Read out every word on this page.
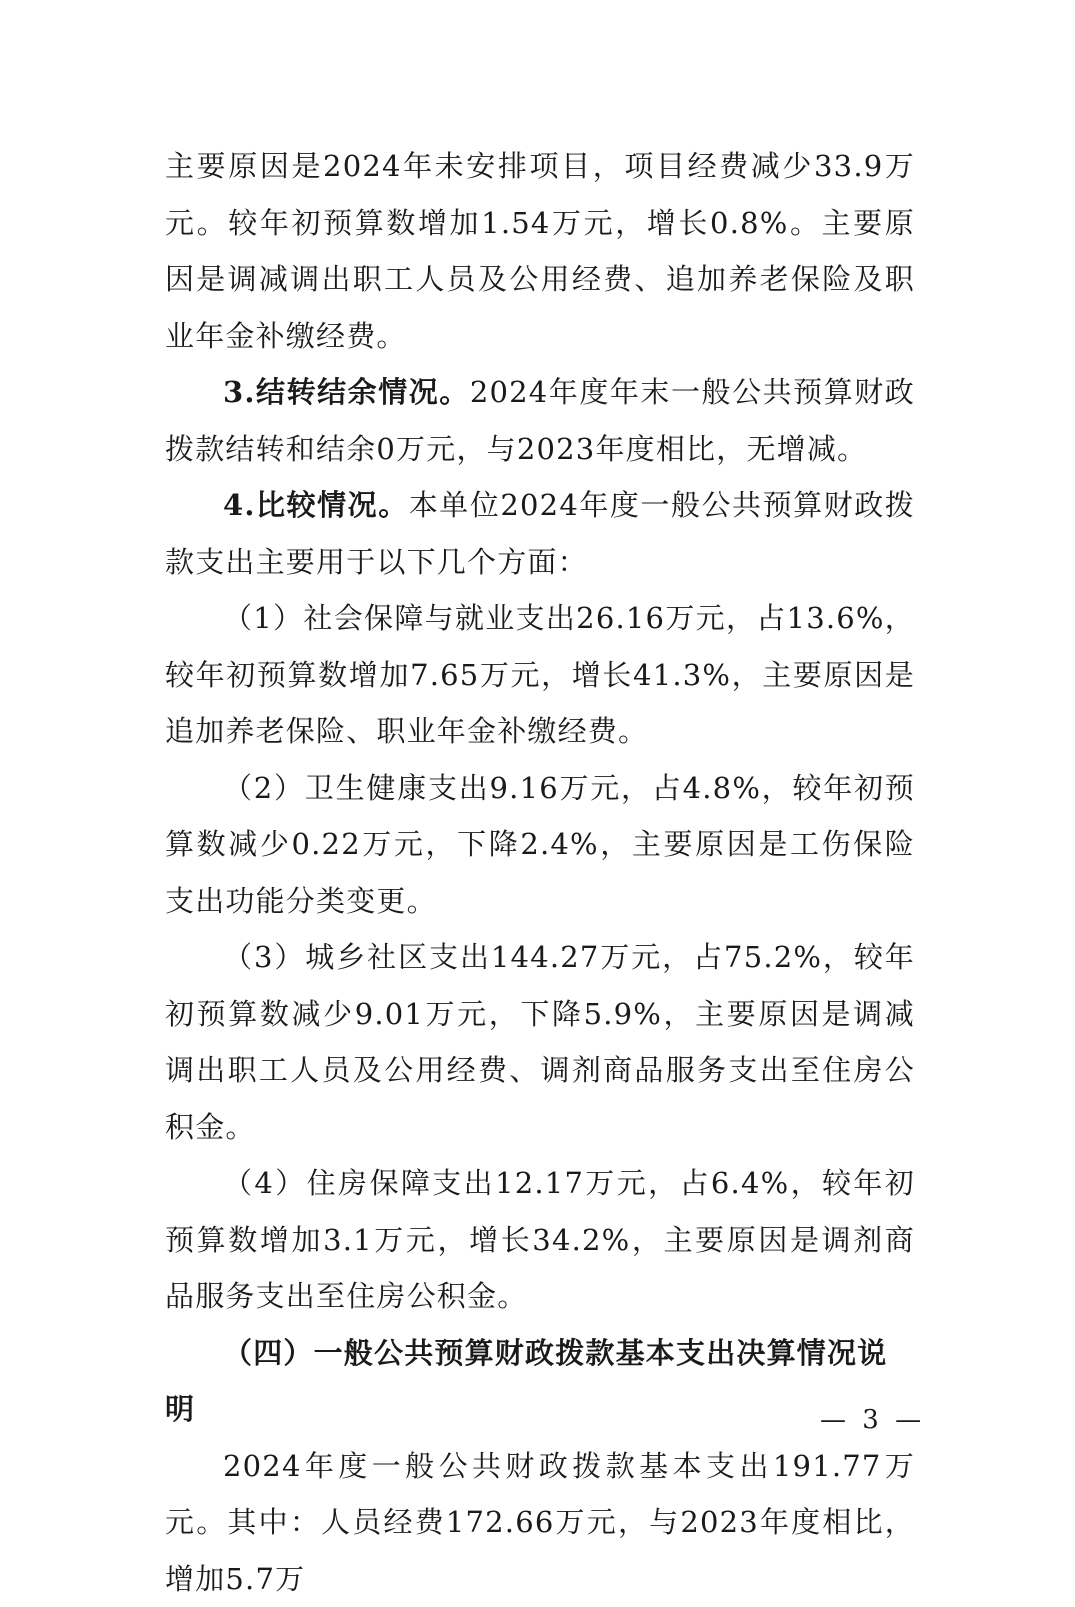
主要原因是2024年未安排项目，项目经费减少33.9万元。较年初预算数增加1.54万元，增长0.8%。主要原因是调减调出职工人员及公用经费、追加养老保险及职业年金补缴经费。

3.结转结余情况。2024年度年末一般公共预算财政拨款结转和结余0万元，与2023年度相比，无增减。

4.比较情况。本单位2024年度一般公共预算财政拨款支出主要用于以下几个方面：

（1）社会保障与就业支出26.16万元，占13.6%，较年初预算数增加7.65万元，增长41.3%，主要原因是追加养老保险、职业年金补缴经费。

（2）卫生健康支出9.16万元，占4.8%，较年初预算数减少0.22万元，下降2.4%，主要原因是工伤保险支出功能分类变更。

（3）城乡社区支出144.27万元，占75.2%，较年初预算数减少9.01万元，下降5.9%，主要原因是调减调出职工人员及公用经费、调剂商品服务支出至住房公积金。

（4）住房保障支出12.17万元，占6.4%，较年初预算数增加3.1万元，增长34.2%，主要原因是调剂商品服务支出至住房公积金。

（四）一般公共预算财政拨款基本支出决算情况说明

2024年度一般公共财政拨款基本支出191.77万元。其中：人员经费172.66万元，与2023年度相比，增加5.7万

— 3 —
